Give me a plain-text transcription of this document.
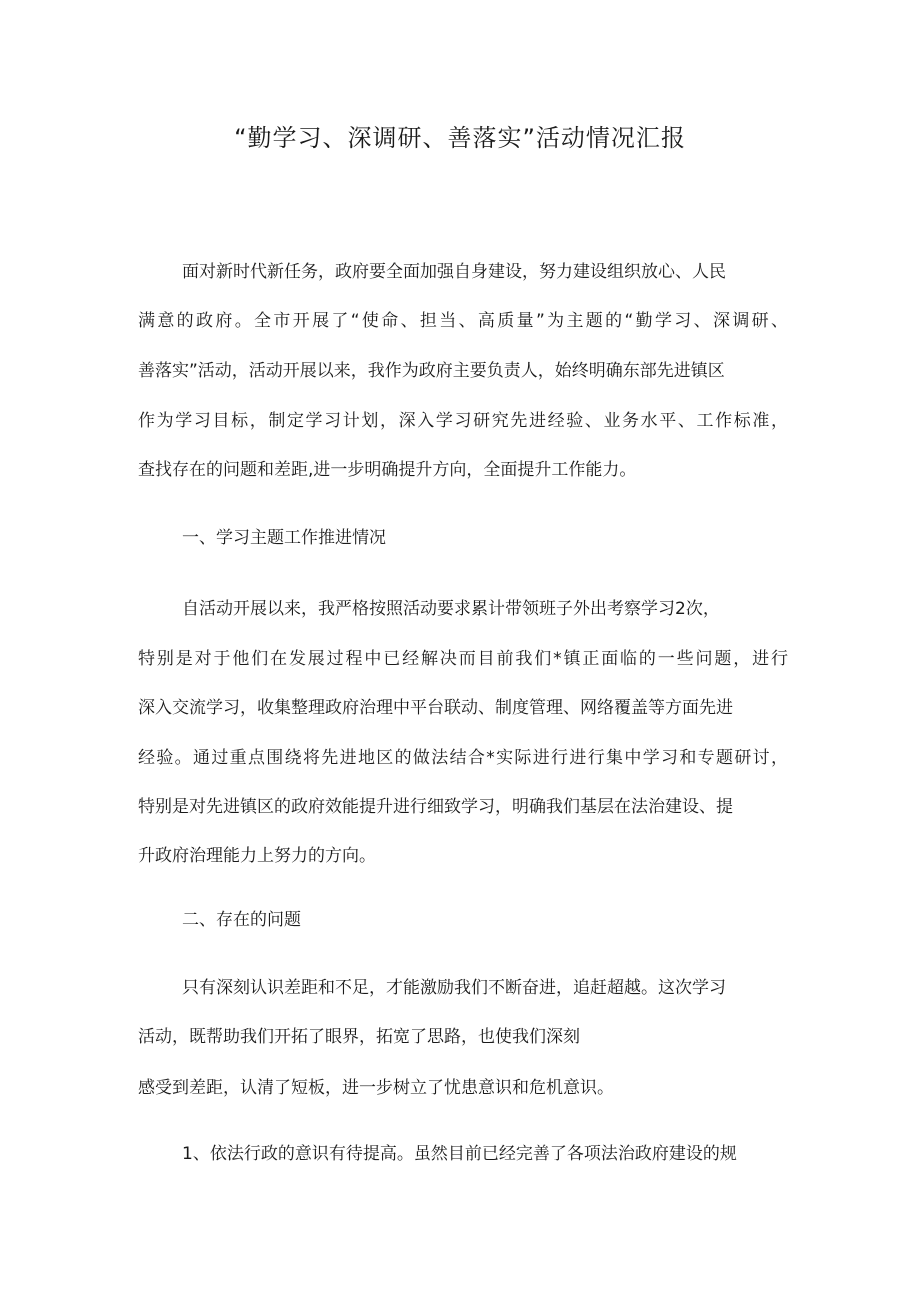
“勤学习、深调研、善落实”活动情况汇报

面对新时代新任务，政府要全面加强自身建设，努力建设组织放心、人民

满意的政府。全市开展了“使命、担当、高质量”为主题的“勤学习、深调研、

善落实”活动，活动开展以来，我作为政府主要负责人，始终明确东部先进镇区

作为学习目标，制定学习计划，深入学习研究先进经验、业务水平、工作标准，

查找存在的问题和差距,进一步明确提升方向，全面提升工作能力。

一、学习主题工作推进情况

自活动开展以来，我严格按照活动要求累计带领班子外出考察学习2次，

特别是对于他们在发展过程中已经解决而目前我们*镇正面临的一些问题，进行

深入交流学习，收集整理政府治理中平台联动、制度管理、网络覆盖等方面先进

经验。通过重点围绕将先进地区的做法结合*实际进行进行集中学习和专题研讨，

特别是对先进镇区的政府效能提升进行细致学习，明确我们基层在法治建设、提

升政府治理能力上努力的方向。

二、存在的问题

只有深刻认识差距和不足，才能激励我们不断奋进，追赶超越。这次学习

活动，既帮助我们开拓了眼界，拓宽了思路，也使我们深刻

感受到差距，认清了短板，进一步树立了忧患意识和危机意识。

1、依法行政的意识有待提高。虽然目前已经完善了各项法治政府建设的规
